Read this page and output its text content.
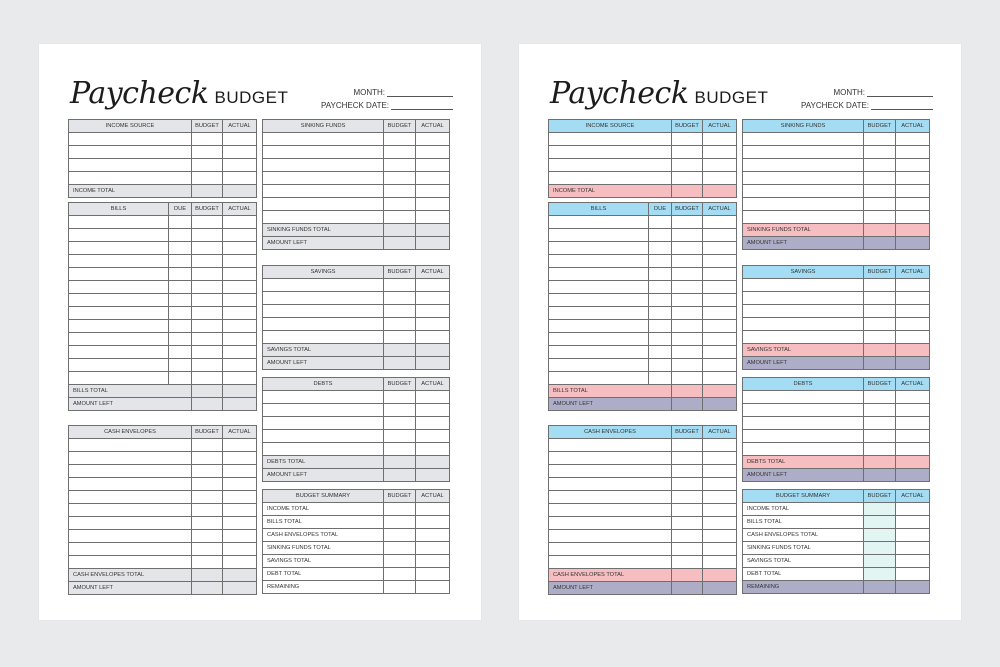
Paycheck BUDGET	MONTH:
PAYCHECK DATE:
INCOME SOURCE	BUDGET	ACTUAL

INCOME TOTAL		
BILLS	DUE	BUDGET	ACTUAL

BILLS TOTAL			
AMOUNT LEFT			
CASH ENVELOPES	BUDGET	ACTUAL

CASH ENVELOPES TOTAL		
AMOUNT LEFT		
SINKING FUNDS	BUDGET	ACTUAL

SINKING FUNDS TOTAL		
AMOUNT LEFT		
SAVINGS	BUDGET	ACTUAL

SAVINGS TOTAL		
AMOUNT LEFT		
DEBTS	BUDGET	ACTUAL

DEBTS TOTAL		
AMOUNT LEFT		
BUDGET SUMMARY	BUDGET	ACTUAL
INCOME TOTAL		
BILLS TOTAL		
CASH ENVELOPES TOTAL		
SINKING FUNDS TOTAL		
SAVINGS TOTAL		
DEBT TOTAL		
REMAINING		
Paycheck BUDGET	MONTH:
PAYCHECK DATE:
INCOME SOURCE	BUDGET	ACTUAL

INCOME TOTAL		
BILLS	DUE	BUDGET	ACTUAL

BILLS TOTAL			
AMOUNT LEFT			
CASH ENVELOPES	BUDGET	ACTUAL

CASH ENVELOPES TOTAL		
AMOUNT LEFT		
SINKING FUNDS	BUDGET	ACTUAL

SINKING FUNDS TOTAL		
AMOUNT LEFT		
SAVINGS	BUDGET	ACTUAL

SAVINGS TOTAL		
AMOUNT LEFT		
DEBTS	BUDGET	ACTUAL

DEBTS TOTAL		
AMOUNT LEFT		
BUDGET SUMMARY	BUDGET	ACTUAL
INCOME TOTAL		
BILLS TOTAL		
CASH ENVELOPES TOTAL		
SINKING FUNDS TOTAL		
SAVINGS TOTAL		
DEBT TOTAL		
REMAINING		
